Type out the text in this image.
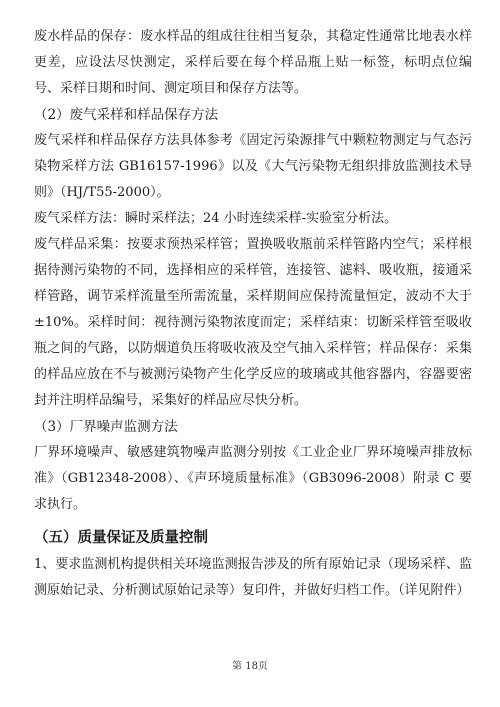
废水样品的保存：废水样品的组成往往相当复杂，其稳定性通常比地表水样更差，应设法尽快测定，采样后要在每个样品瓶上贴一标签，标明点位编号、采样日期和时间、测定项目和保存方法等。

（2）废气采样和样品保存方法

废气采样和样品保存方法具体参考《固定污染源排气中颗粒物测定与气态污染物采样方法 GB16157-1996》以及《大气污染物无组织排放监测技术导则》（HJ/T55-2000）。

废气采样方法：瞬时采样法；24 小时连续采样-实验室分析法。

废气样品采集：按要求预热采样管；置换吸收瓶前采样管路内空气；采样根据待测污染物的不同，选择相应的采样管，连接管、滤料、吸收瓶，接通采样管路，调节采样流量至所需流量，采样期间应保持流量恒定，波动不大于±10%。采样时间：视待测污染物浓度而定；采样结束：切断采样管至吸收瓶之间的气路，以防烟道负压将吸收液及空气抽入采样管；样品保存：采集的样品应放在不与被测污染物产生化学反应的玻璃或其他容器内，容器要密封并注明样品编号，采集好的样品应尽快分析。

（3）厂界噪声监测方法

厂界环境噪声、敏感建筑物噪声监测分别按《工业企业厂界环境噪声排放标准》（GB12348-2008）、《声环境质量标准》（GB3096-2008）附录 C 要求执行。

（五）质量保证及质量控制

1、要求监测机构提供相关环境监测报告涉及的所有原始记录（现场采样、监测原始记录、分析测试原始记录等）复印件，并做好归档工作。（详见附件）

第 18页
